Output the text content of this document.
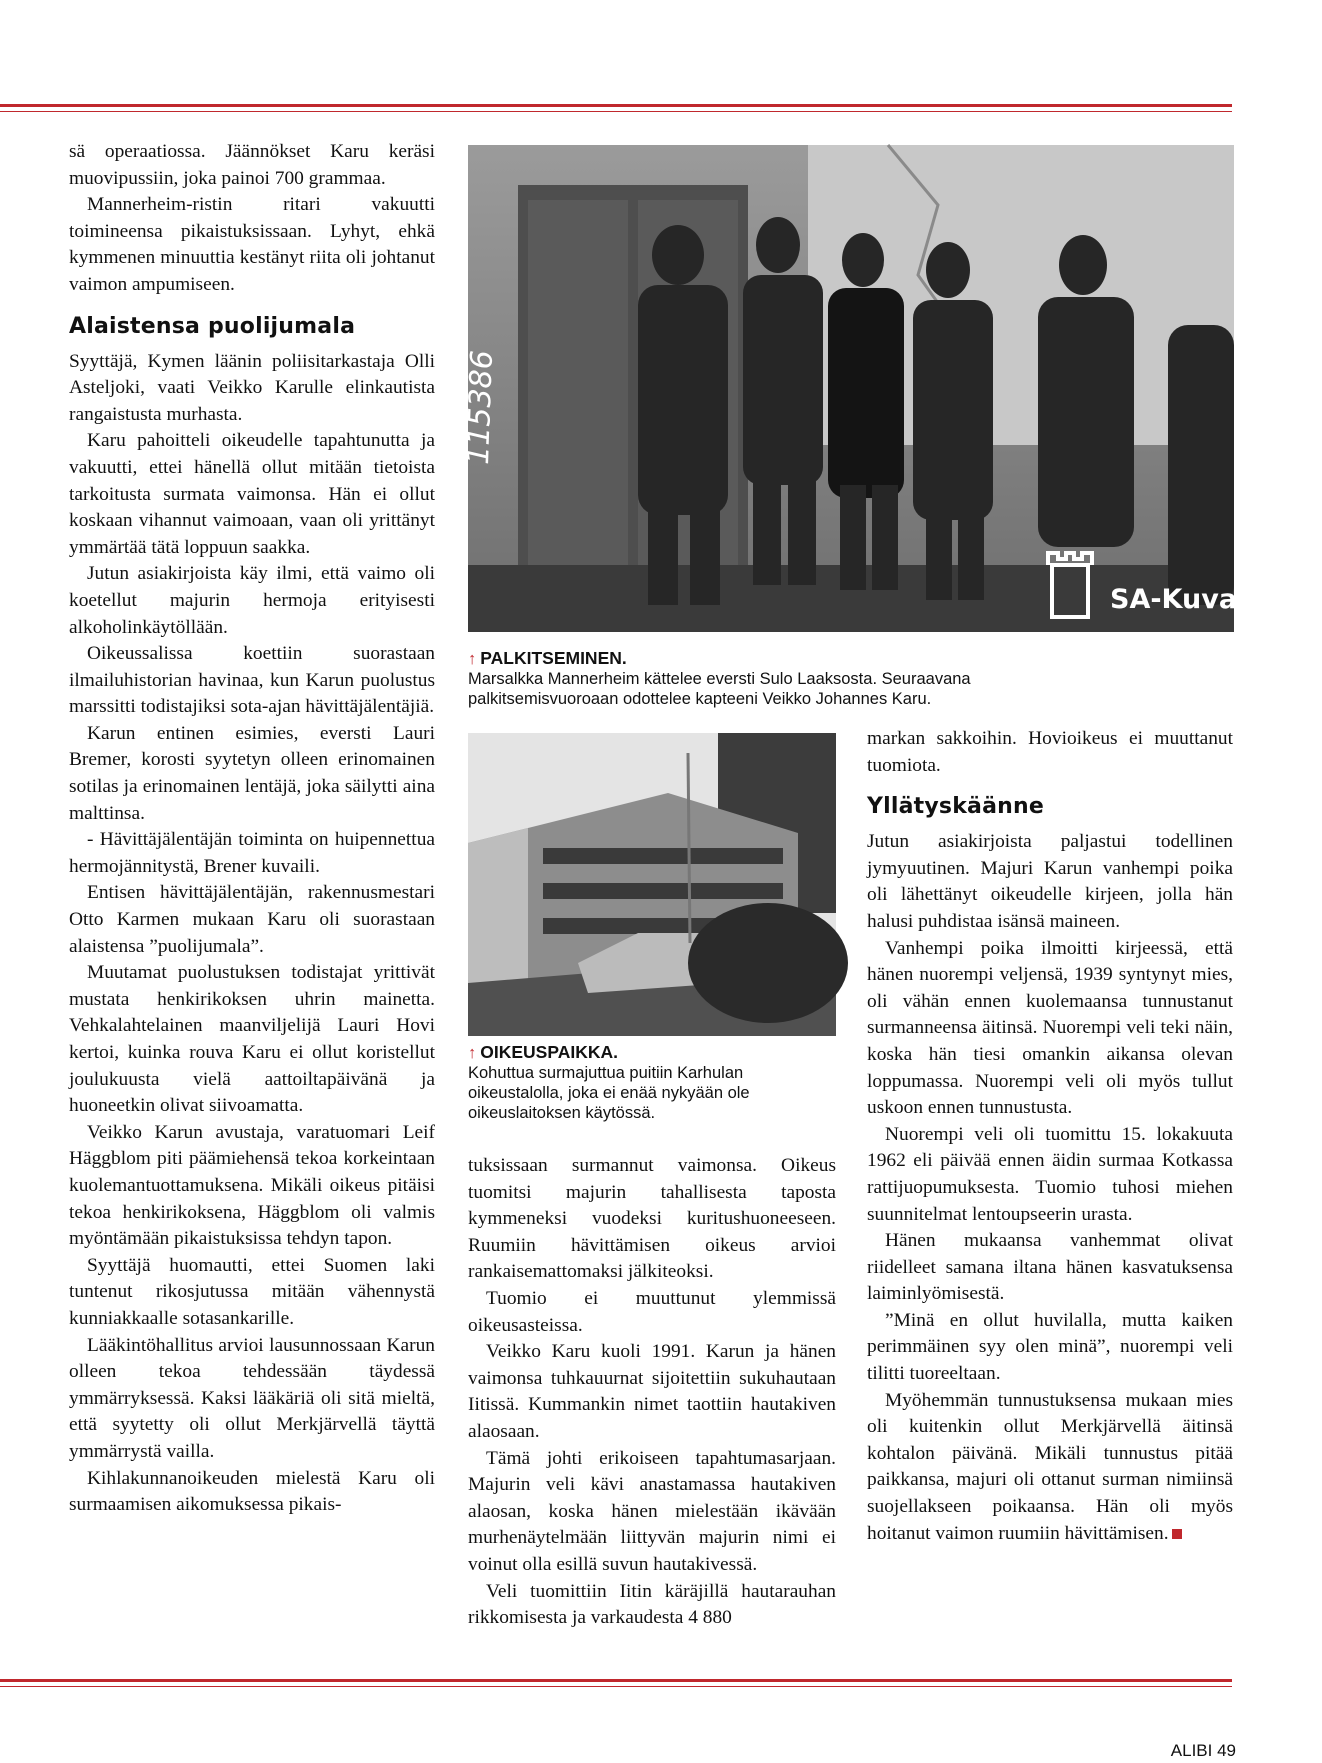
sä operaatiossa. Jäännökset Karu keräsi muovipussiin, joka painoi 700 grammaa.

Mannerheim-ristin ritari vakuutti toimineensa pikaistuksissaan. Lyhyt, ehkä kymmenen minuuttia kestänyt riita oli johtanut vaimon ampumiseen.

Alaistensa puolijumala

Syyttäjä, Kymen läänin poliisitarkastaja Olli Asteljoki, vaati Veikko Karulle elinkautista rangaistusta murhasta.

Karu pahoitteli oikeudelle tapahtunutta ja vakuutti, ettei hänellä ollut mitään tietoista tarkoitusta surmata vaimonsa. Hän ei ollut koskaan vihannut vaimoaan, vaan oli yrittänyt ymmärtää tätä loppuun saakka.

Jutun asiakirjoista käy ilmi, että vaimo oli koetellut majurin hermoja erityisesti alkoholinkäytöllään.

Oikeussalissa koettiin suorastaan ilmailuhistorian havinaa, kun Karun puolustus marssitti todistajiksi sota-ajan hävittäjälentäjiä.

Karun entinen esimies, eversti Lauri Bremer, korosti syytetyn olleen erinomainen sotilas ja erinomainen lentäjä, joka säilytti aina malttinsa.

- Hävittäjälentäjän toiminta on huipennettua hermojännitystä, Brener kuvaili.

Entisen hävittäjälentäjän, rakennusmestari Otto Karmen mukaan Karu oli suorastaan alaistensa ”puolijumala”.

Muutamat puolustuksen todistajat yrittivät mustata henkirikoksen uhrin mainetta. Vehkalahtelainen maanviljelijä Lauri Hovi kertoi, kuinka rouva Karu ei ollut koristellut joulukuusta vielä aattoiltapäivänä ja huoneetkin olivat siivoamatta.

Veikko Karun avustaja, varatuomari Leif Häggblom piti päämiehensä tekoa korkeintaan kuolemantuottamuksena. Mikäli oikeus pitäisi tekoa henkirikoksena, Häggblom oli valmis myöntämään pikaistuksissa tehdyn tapon.

Syyttäjä huomautti, ettei Suomen laki tuntenut rikosjutussa mitään vähennystä kunniakkaalle sotasankarille.

Lääkintöhallitus arvioi lausunnossaan Karun olleen tekoa tehdessään täydessä ymmärryksessä. Kaksi lääkäriä oli sitä mieltä, että syytetty oli ollut Merkjärvellä täyttä ymmärrystä vailla.

Kihlakunnanoikeuden mielestä Karu oli surmaamisen aikomuksessa pikais-

115386
SA-Kuva
↑ PALKITSEMINEN.
Marsalkka Mannerheim kättelee eversti Sulo Laaksosta. Seuraavana palkitsemisvuoroaan odottelee kapteeni Veikko Johannes Karu.
↑ OIKEUSPAIKKA.
Kohuttua surmajuttua puitiin Karhulan oikeustalolla, joka ei enää nykyään ole oikeuslaitoksen käytössä.

tuksissaan surmannut vaimonsa. Oikeus tuomitsi majurin tahallisesta taposta kymmeneksi vuodeksi kuritushuoneeseen. Ruumiin hävittämisen oikeus arvioi rankaisemattomaksi jälkiteoksi.

Tuomio ei muuttunut ylemmissä oikeusasteissa.

Veikko Karu kuoli 1991. Karun ja hänen vaimonsa tuhkauurnat sijoitettiin sukuhautaan Iitissä. Kummankin nimet taottiin hautakiven alaosaan.

Tämä johti erikoiseen tapahtumasarjaan. Majurin veli kävi anastamassa hautakiven alaosan, koska hänen mielestään ikävään murhenäytelmään liittyvän majurin nimi ei voinut olla esillä suvun hautakivessä.

Veli tuomittiin Iitin käräjillä hautarauhan rikkomisesta ja varkaudesta 4 880

markan sakkoihin. Hovioikeus ei muuttanut tuomiota.

Yllätyskäänne

Jutun asiakirjoista paljastui todellinen jymyuutinen. Majuri Karun vanhempi poika oli lähettänyt oikeudelle kirjeen, jolla hän halusi puhdistaa isänsä maineen.

Vanhempi poika ilmoitti kirjeessä, että hänen nuorempi veljensä, 1939 syntynyt mies, oli vähän ennen kuolemaansa tunnustanut surmanneensa äitinsä. Nuorempi veli teki näin, koska hän tiesi omankin aikansa olevan loppumassa. Nuorempi veli oli myös tullut uskoon ennen tunnustusta.

Nuorempi veli oli tuomittu 15. lokakuuta 1962 eli päivää ennen äidin surmaa Kotkassa rattijuopumuksesta. Tuomio tuhosi miehen suunnitelmat lentoupseerin urasta.

Hänen mukaansa vanhemmat olivat riidelleet samana iltana hänen kasvatuksensa laiminlyömisestä.

”Minä en ollut huvilalla, mutta kaiken perimmäinen syy olen minä”, nuorempi veli tilitti tuoreeltaan.

Myöhemmän tunnustuksensa mukaan mies oli kuitenkin ollut Merkjärvellä äitinsä kohtalon päivänä. Mikäli tunnustus pitää paikkansa, majuri oli ottanut surman nimiinsä suojellakseen poikaansa. Hän oli myös hoitanut vaimon ruumiin hävittämisen.

ALIBI 49
